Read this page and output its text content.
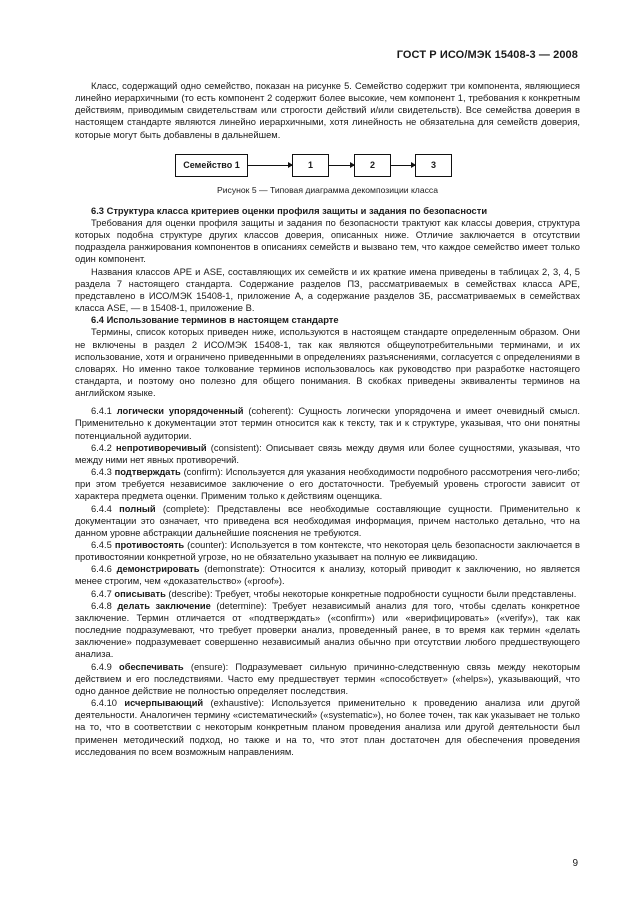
ГОСТ Р ИСО/МЭК 15408-3 — 2008

Класс, содержащий одно семейство, показан на рисунке 5. Семейство содержит три компонента, являющиеся линейно иерархичными (то есть компонент 2 содержит более высокие, чем компонент 1, требования к конкретным действиям, приводимым свидетельствам или строгости действий и/или свидетельств). Все семейства доверия в настоящем стандарте являются линейно иерархичными, хотя линейность не обязательна для семейств доверия, которые могут быть добавлены в дальнейшем.

Семейство 1	1	2	3
Рисунок 5 — Типовая диаграмма декомпозиции класса
6.3 Структура класса критериев оценки профиля защиты и задания по безопасности

Требования для оценки профиля защиты и задания по безопасности трактуют как классы доверия, структура которых подобна структуре других классов доверия, описанных ниже. Отличие заключается в отсутствии подраздела ранжирования компонентов в описаниях семейств и вызвано тем, что каждое семейство имеет только один компонент.

Названия классов APE и ASE, составляющих их семейств и их краткие имена приведены в таблицах 2, 3, 4, 5 раздела 7 настоящего стандарта. Содержание разделов ПЗ, рассматриваемых в семействах класса APE, представлено в ИСО/МЭК 15408-1, приложение А, а содержание разделов ЗБ, рассматриваемых в семействах класса ASE, — в 15408-1, приложение В.

6.4 Использование терминов в настоящем стандарте

Термины, список которых приведен ниже, используются в настоящем стандарте определенным образом. Они не включены в раздел 2 ИСО/МЭК 15408-1, так как являются общеупотребительными терминами, и их использование, хотя и ограничено приведенными в определениях разъяснениями, согласуется с определениями в словарях. Но именно такое толкование терминов использовалось как руководство при разработке настоящего стандарта, и поэтому оно полезно для общего понимания. В скобках приведены эквиваленты терминов на английском языке.

6.4.1 логически упорядоченный (coherent): Сущность логически упорядочена и имеет очевидный смысл. Применительно к документации этот термин относится как к тексту, так и к структуре, указывая, что они понятны потенциальной аудитории.

6.4.2 непротиворечивый (consistent): Описывает связь между двумя или более сущностями, указывая, что между ними нет явных противоречий.

6.4.3 подтверждать (confirm): Используется для указания необходимости подробного рассмотрения чего-либо; при этом требуется независимое заключение о его достаточности. Требуемый уровень строгости зависит от характера предмета оценки. Применим только к действиям оценщика.

6.4.4 полный (complete): Представлены все необходимые составляющие сущности. Применительно к документации это означает, что приведена вся необходимая информация, причем настолько детально, что на данном уровне абстракции дальнейшие пояснения не требуются.

6.4.5 противостоять (counter): Используется в том контексте, что некоторая цель безопасности заключается в противостоянии конкретной угрозе, но не обязательно указывает на полную ее ликвидацию.

6.4.6 демонстрировать (demonstrate): Относится к анализу, который приводит к заключению, но является менее строгим, чем «доказательство» («proof»).

6.4.7 описывать (describe): Требует, чтобы некоторые конкретные подробности сущности были представлены.

6.4.8 делать заключение (determine): Требует независимый анализ для того, чтобы сделать конкретное заключение. Термин отличается от «подтверждать» («confirm») или «верифицировать» («verify»), так как последние подразумевают, что требует проверки анализ, проведенный ранее, в то время как термин «делать заключение» подразумевает совершенно независимый анализ обычно при отсутствии любого предшествующего анализа.

6.4.9 обеспечивать (ensure): Подразумевает сильную причинно-следственную связь между некоторым действием и его последствиями. Часто ему предшествует термин «способствует» («helps»), указывающий, что одно данное действие не полностью определяет последствия.

6.4.10 исчерпывающий (exhaustive): Используется применительно к проведению анализа или другой деятельности. Аналогичен термину «систематический» («systematic»), но более точен, так как указывает не только на то, что в соответствии с некоторым конкретным планом проведения анализа или другой деятельности был применен методический подход, но также и на то, что этот план достаточен для обеспечения проведения исследования по всем возможным направлениям.

9
